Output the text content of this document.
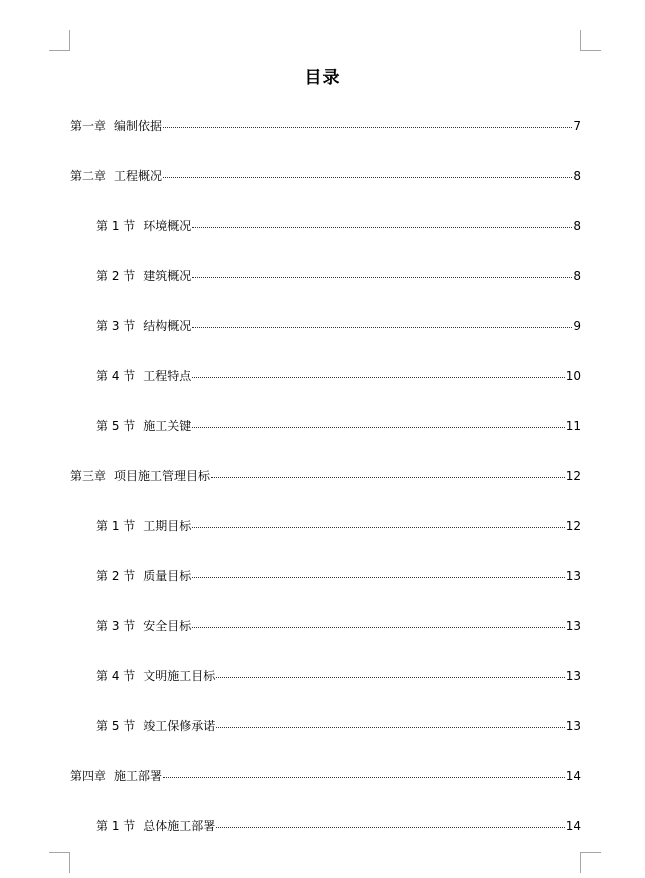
目录
第一章 编制依据	7
第二章 工程概况	8
第 1 节 环境概况	8
第 2 节 建筑概况	8
第 3 节 结构概况	9
第 4 节 工程特点	10
第 5 节 施工关键	11
第三章 项目施工管理目标	12
第 1 节 工期目标	12
第 2 节 质量目标	13
第 3 节 安全目标	13
第 4 节 文明施工目标	13
第 5 节 竣工保修承诺	13
第四章 施工部署	14
第 1 节 总体施工部署	14
